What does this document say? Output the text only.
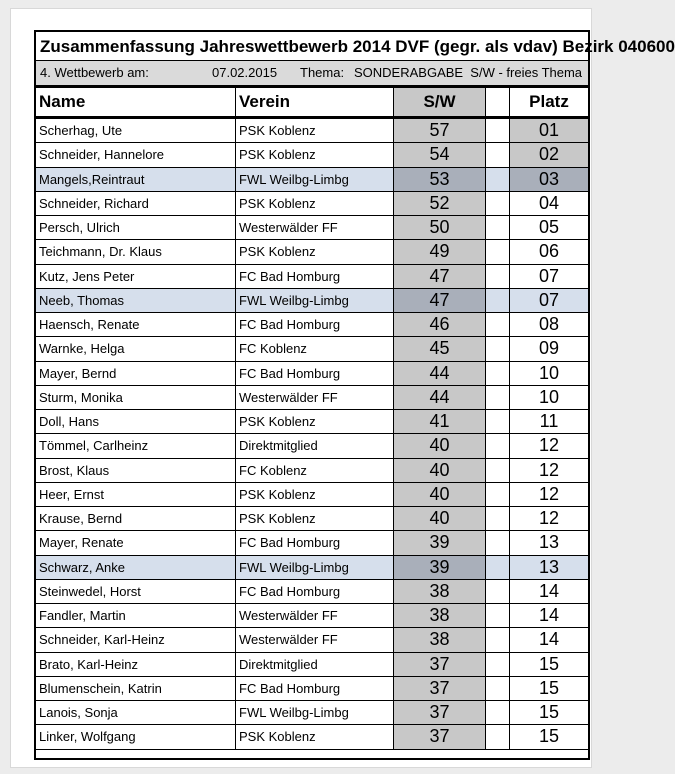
Zusammenfassung Jahreswettbewerb 2014 DVF (gegr. als vdav) Bezirk 040600
4. Wettbewerb am:	07.02.2015 Thema: SONDERABGABE  S/W - freies Thema
Name	Verein	S/W	Platz
Scherhag, Ute	PSK Koblenz	57	01
Schneider, Hannelore	PSK Koblenz	54	02
Mangels,Reintraut	FWL Weilbg-Limbg	53	03
Schneider, Richard	PSK Koblenz	52	04
Persch, Ulrich	Westerwälder FF	50	05
Teichmann, Dr. Klaus	PSK Koblenz	49	06
Kutz, Jens Peter	FC Bad Homburg	47	07
Neeb, Thomas	FWL Weilbg-Limbg	47	07
Haensch, Renate	FC Bad Homburg	46	08
Warnke, Helga	FC Koblenz	45	09
Mayer, Bernd	FC Bad Homburg	44	10
Sturm, Monika	Westerwälder FF	44	10
Doll, Hans	PSK Koblenz	41	11
Tömmel, Carlheinz	Direktmitglied	40	12
Brost, Klaus	FC Koblenz	40	12
Heer, Ernst	PSK Koblenz	40	12
Krause, Bernd	PSK Koblenz	40	12
Mayer, Renate	FC Bad Homburg	39	13
Schwarz, Anke	FWL Weilbg-Limbg	39	13
Steinwedel, Horst	FC Bad Homburg	38	14
Fandler, Martin	Westerwälder FF	38	14
Schneider, Karl-Heinz	Westerwälder FF	38	14
Brato, Karl-Heinz	Direktmitglied	37	15
Blumenschein, Katrin	FC Bad Homburg	37	15
Lanois, Sonja	FWL Weilbg-Limbg	37	15
Linker, Wolfgang	PSK Koblenz	37	15
